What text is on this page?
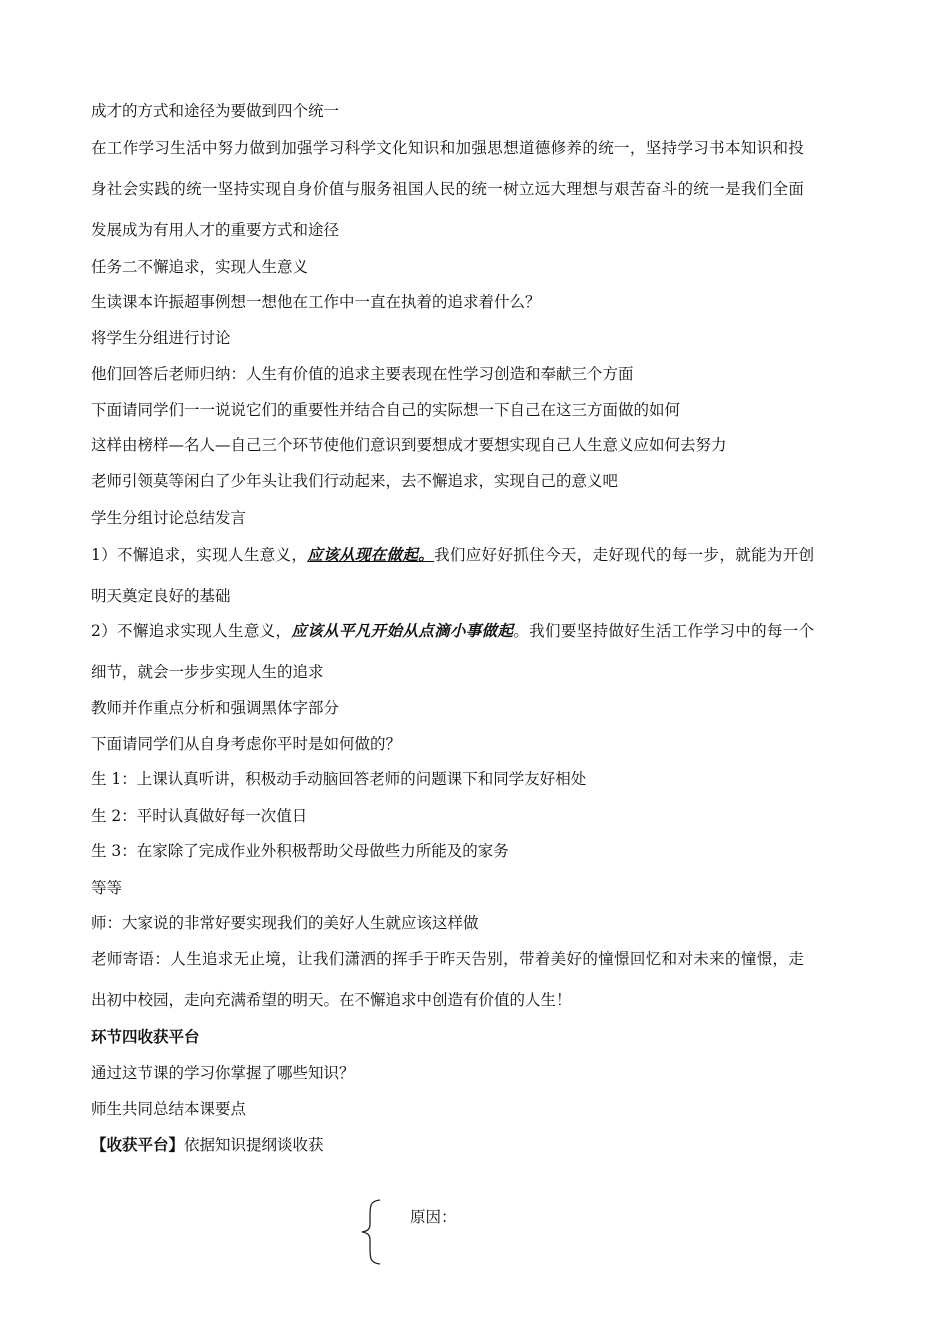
成才的方式和途径为要做到四个统一
在工作学习生活中努力做到加强学习科学文化知识和加强思想道德修养的统一，坚持学习书本知识和投
身社会实践的统一坚持实现自身价值与服务祖国人民的统一树立远大理想与艰苦奋斗的统一是我们全面
发展成为有用人才的重要方式和途径
任务二不懈追求，实现人生意义
生读课本许振超事例想一想他在工作中一直在执着的追求着什么？
将学生分组进行讨论
他们回答后老师归纳：人生有价值的追求主要表现在性学习创造和奉献三个方面
下面请同学们一一说说它们的重要性并结合自己的实际想一下自己在这三方面做的如何
这样由榜样—名人—自己三个环节使他们意识到要想成才要想实现自己人生意义应如何去努力
老师引领莫等闲白了少年头让我们行动起来，去不懈追求，实现自己的意义吧
学生分组讨论总结发言
1）不懈追求，实现人生意义，应该从现在做起。我们应好好抓住今天，走好现代的每一步，就能为开创
明天奠定良好的基础
2）不懈追求实现人生意义，应该从平凡开始从点滴小事做起。我们要坚持做好生活工作学习中的每一个
细节，就会一步步实现人生的追求
教师并作重点分析和强调黑体字部分
下面请同学们从自身考虑你平时是如何做的？
生 1：上课认真听讲，积极动手动脑回答老师的问题课下和同学友好相处
生 2：平时认真做好每一次值日
生 3：在家除了完成作业外积极帮助父母做些力所能及的家务
等等
师：大家说的非常好要实现我们的美好人生就应该这样做
老师寄语：人生追求无止境，让我们潇洒的挥手于昨天告别，带着美好的憧憬回忆和对未来的憧憬，走
出初中校园，走向充满希望的明天。在不懈追求中创造有价值的人生！
环节四收获平台
通过这节课的学习你掌握了哪些知识？
师生共同总结本课要点
【收获平台】依据知识提纲谈收获
原因：
